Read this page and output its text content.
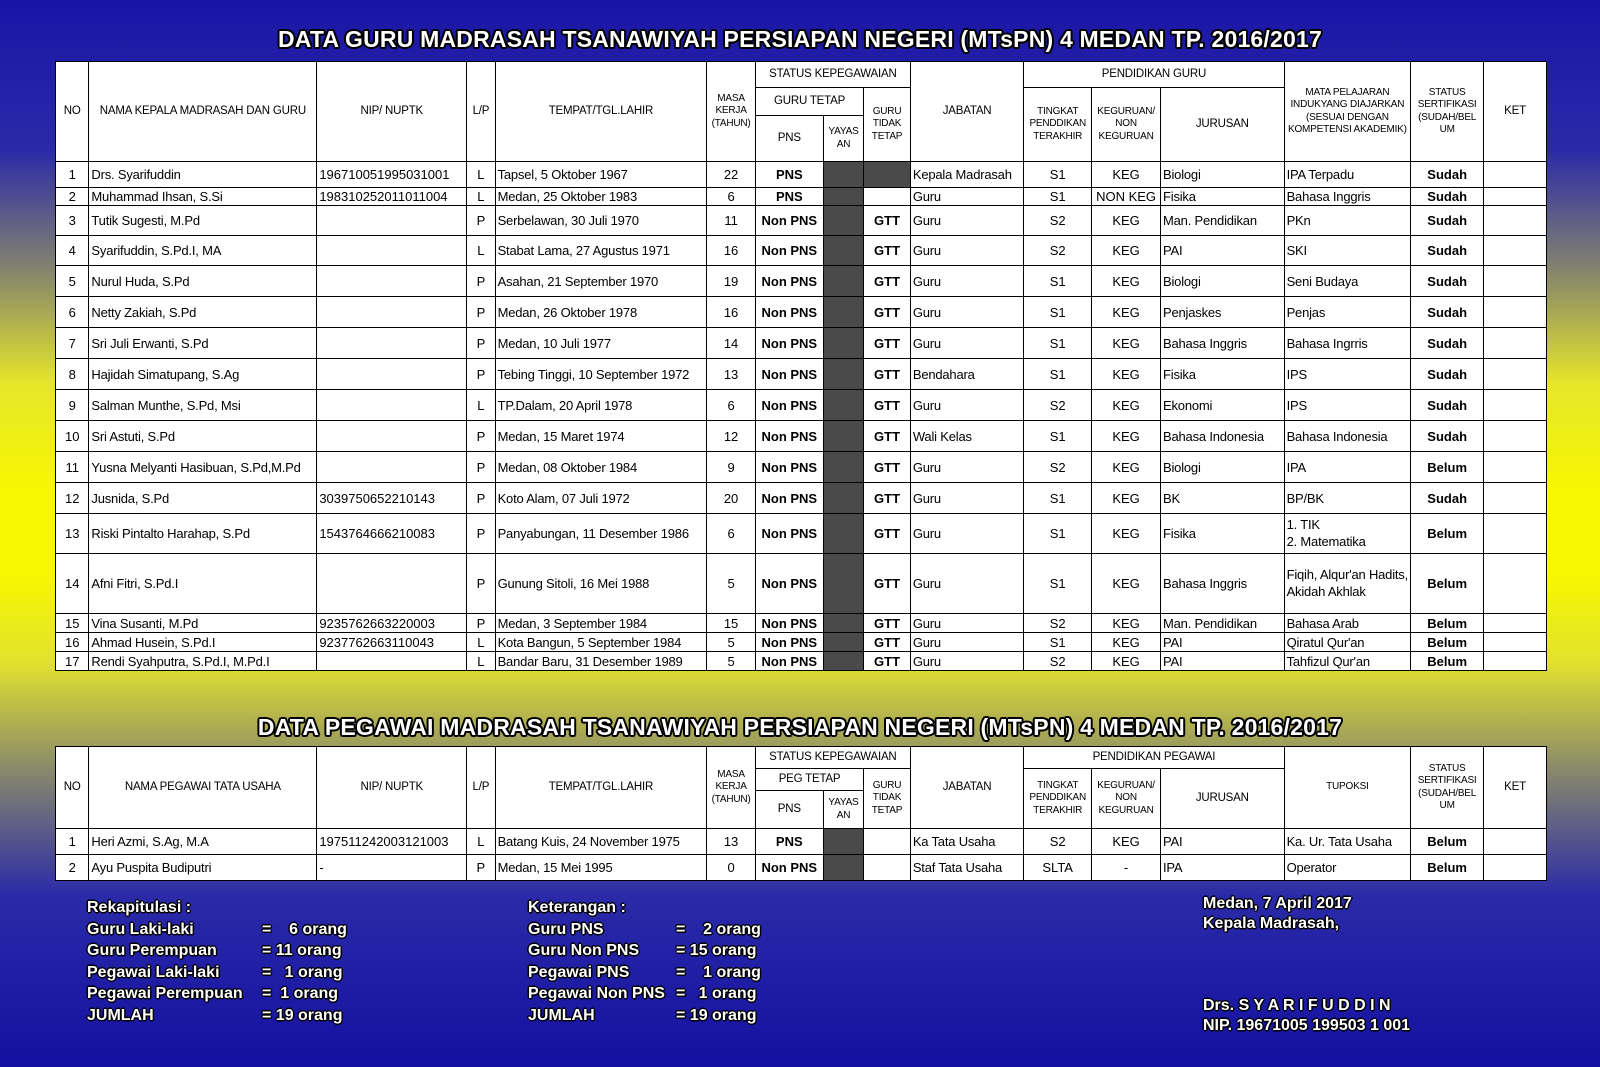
DATA GURU MADRASAH TSANAWIYAH PERSIAPAN NEGERI (MTsPN) 4 MEDAN TP. 2016/2017
NO	NAMA KEPALA MADRASAH DAN GURU	NIP/ NUPTK	L/P	TEMPAT/TGL.LAHIR	MASA KERJA (TAHUN)	STATUS KEPEGAWAIAN			JABATAN	PENDIDIKAN GURU			MATA PELAJARAN INDUKYANG DIAJARKAN (SESUAI DENGAN KOMPETENSI AKADEMIK)	STATUS SERTIFIKASI (SUDAH/BEL UM	KET
						GURU TETAP		GURU TIDAK TETAP		TINGKAT PENDDIKAN TERAKHIR	KEGURUAN/ NON KEGURUAN	JURUSAN			
						PNS	YAYAS AN								
1	Drs. Syarifuddin	196710051995031001	L	Tapsel, 5 Oktober 1967	22	PNS			Kepala Madrasah	S1	KEG	Biologi	IPA Terpadu	Sudah	
2	Muhammad Ihsan, S.Si	198310252011011004	L	Medan, 25 Oktober 1983	6	PNS			Guru	S1	NON KEG	Fisika	Bahasa Inggris	Sudah	
3	Tutik Sugesti, M.Pd		P	Serbelawan, 30 Juli 1970	11	Non PNS		GTT	Guru	S2	KEG	Man. Pendidikan	PKn	Sudah	
4	Syarifuddin, S.Pd.I, MA		L	Stabat Lama, 27 Agustus 1971	16	Non PNS		GTT	Guru	S2	KEG	PAI	SKI	Sudah	
5	Nurul Huda, S.Pd		P	Asahan, 21 September 1970	19	Non PNS		GTT	Guru	S1	KEG	Biologi	Seni Budaya	Sudah	
6	Netty Zakiah, S.Pd		P	Medan, 26 Oktober 1978	16	Non PNS		GTT	Guru	S1	KEG	Penjaskes	Penjas	Sudah	
7	Sri Juli Erwanti, S.Pd		P	Medan, 10 Juli 1977	14	Non PNS		GTT	Guru	S1	KEG	Bahasa Inggris	Bahasa Ingrris	Sudah	
8	Hajidah Simatupang, S.Ag		P	Tebing Tinggi, 10 September 1972	13	Non PNS		GTT	Bendahara	S1	KEG	Fisika	IPS	Sudah	
9	Salman Munthe, S.Pd, Msi		L	TP.Dalam, 20 April 1978	6	Non PNS		GTT	Guru	S2	KEG	Ekonomi	IPS	Sudah	
10	Sri Astuti, S.Pd		P	Medan, 15 Maret 1974	12	Non PNS		GTT	Wali Kelas	S1	KEG	Bahasa Indonesia	Bahasa Indonesia	Sudah	
11	Yusna Melyanti Hasibuan, S.Pd,M.Pd		P	Medan, 08 Oktober 1984	9	Non PNS		GTT	Guru	S2	KEG	Biologi	IPA	Belum	
12	Jusnida, S.Pd	3039750652210143	P	Koto Alam, 07 Juli 1972	20	Non PNS		GTT	Guru	S1	KEG	BK	BP/BK	Sudah	
13	Riski Pintalto Harahap, S.Pd	1543764666210083	P	Panyabungan, 11 Desember 1986	6	Non PNS		GTT	Guru	S1	KEG	Fisika	1. TIK
2. Matematika	Belum	
14	Afni Fitri, S.Pd.I		P	Gunung Sitoli, 16 Mei 1988	5	Non PNS		GTT	Guru	S1	KEG	Bahasa Inggris	Fiqih, Alqur'an Hadits, Akidah Akhlak	Belum	
15	Vina Susanti, M.Pd	9235762663220003	P	Medan, 3 September 1984	15	Non PNS		GTT	Guru	S2	KEG	Man. Pendidikan	Bahasa Arab	Belum	
16	Ahmad Husein, S.Pd.I	9237762663110043	L	Kota Bangun, 5 September 1984	5	Non PNS		GTT	Guru	S1	KEG	PAI	Qiratul Qur'an	Belum	
17	Rendi Syahputra, S.Pd.I, M.Pd.I		L	Bandar Baru, 31 Desember 1989	5	Non PNS		GTT	Guru	S2	KEG	PAI	Tahfizul Qur'an	Belum	
DATA PEGAWAI MADRASAH TSANAWIYAH PERSIAPAN NEGERI (MTsPN) 4 MEDAN TP. 2016/2017
NO	NAMA PEGAWAI TATA USAHA	NIP/ NUPTK	L/P	TEMPAT/TGL.LAHIR	MASA KERJA (TAHUN)	STATUS KEPEGAWAIAN			JABATAN	PENDIDIKAN PEGAWAI			TUPOKSI	STATUS SERTIFIKASI (SUDAH/BEL UM	KET
						PEG TETAP		GURU TIDAK TETAP		TINGKAT PENDDIKAN TERAKHIR	KEGURUAN/ NON KEGURUAN	JURUSAN			
						PNS	YAYAS AN								
1	Heri Azmi, S.Ag, M.A	197511242003121003	L	Batang Kuis, 24 November 1975	13	PNS			Ka Tata Usaha	S2	KEG	PAI	Ka. Ur. Tata Usaha	Belum	
2	Ayu Puspita Budiputri	-	P	Medan, 15 Mei 1995	0	Non PNS			Staf Tata Usaha	SLTA	-	IPA	Operator	Belum	
Rekapitulasi :
Guru Laki-laki	=    6 orang
Guru Perempuan	= 11 orang
Pegawai Laki-laki	=   1 orang
Pegawai Perempuan	=  1 orang
JUMLAH	= 19 orang
Keterangan :
Guru PNS	=    2 orang
Guru Non PNS	= 15 orang
Pegawai PNS	=    1 orang
Pegawai Non PNS =   1 orang
JUMLAH	= 19 orang
Medan, 7 April 2017
Kepala Madrasah,
Drs. S Y A R I F U D D I N
NIP. 19671005 199503 1 001
